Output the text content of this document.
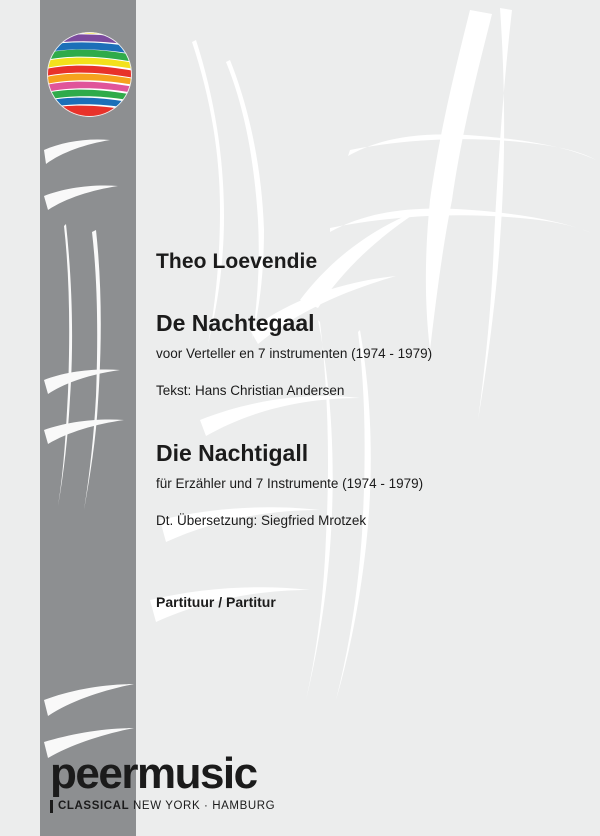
Theo Loevendie
De Nachtegaal
voor Verteller en 7 instrumenten (1974 - 1979)
Tekst: Hans Christian Andersen
Die Nachtigall
für Erzähler und 7 Instrumente (1974 - 1979)
Dt. Übersetzung: Siegfried Mrotzek
Partituur / Partitur
peermusic
CLASSICAL NEW YORK · HAMBURG
